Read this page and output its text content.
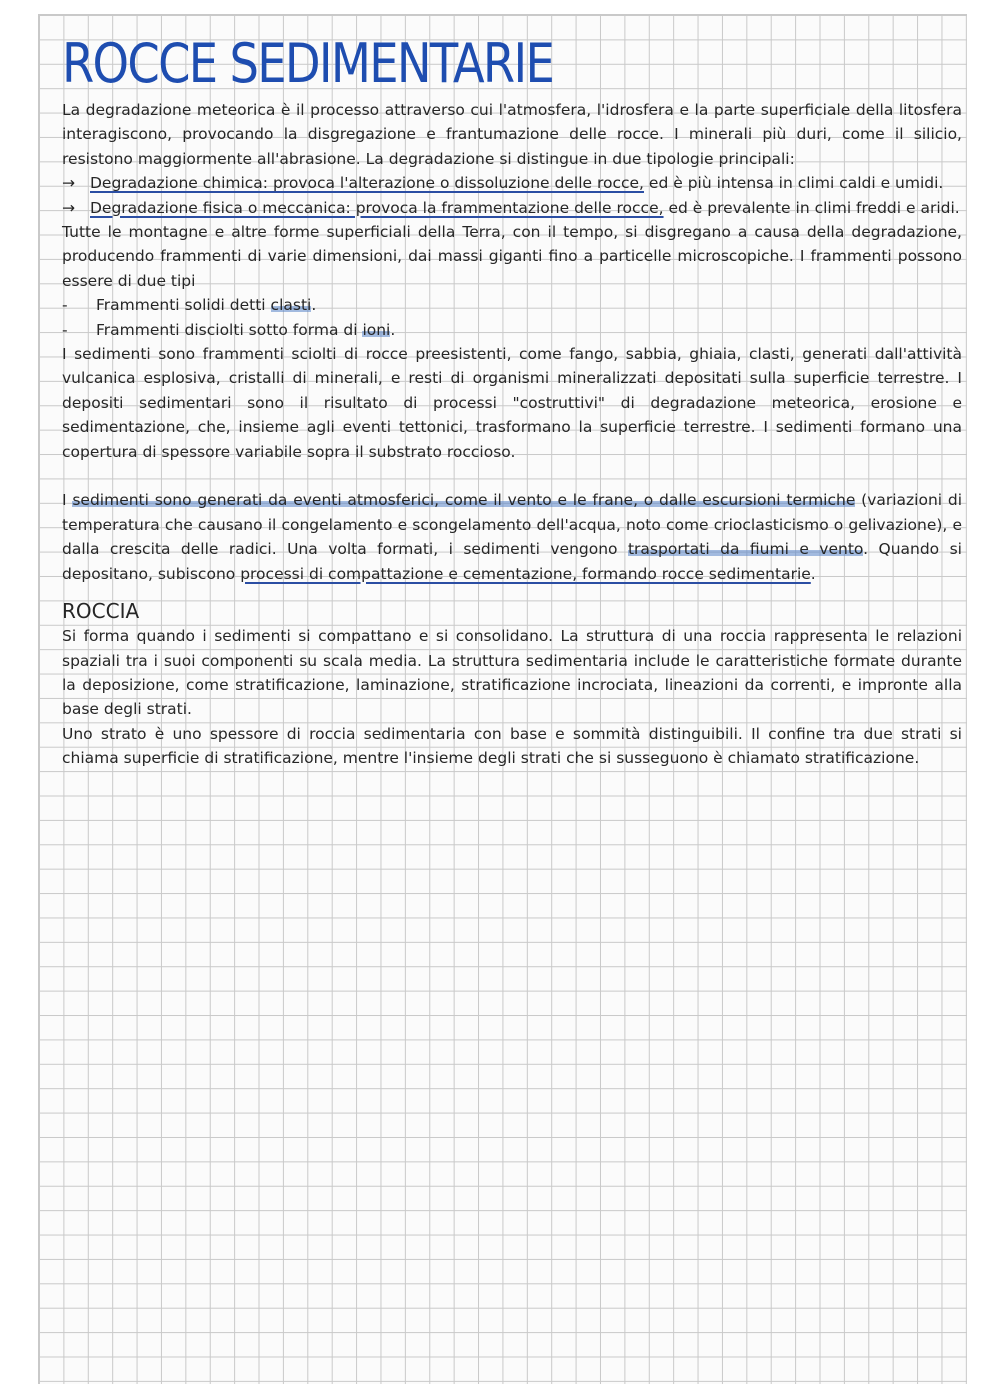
ROCCE SEDIMENTARIE

La degradazione meteorica è il processo attraverso cui l'atmosfera, l'idrosfera e la parte superficiale della litosfera interagiscono, provocando la disgregazione e frantumazione delle rocce. I minerali più duri, come il silicio, resistono maggiormente all'abrasione. La degradazione si distingue in due tipologie principali:

→ Degradazione chimica: provoca l'alterazione o dissoluzione delle rocce, ed è più intensa in climi caldi e umidi.
→ Degradazione fisica o meccanica: provoca la frammentazione delle rocce, ed è prevalente in climi freddi e aridi.

Tutte le montagne e altre forme superficiali della Terra, con il tempo, si disgregano a causa della degradazione, producendo frammenti di varie dimensioni, dai massi giganti fino a particelle microscopiche. I frammenti possono essere di due tipi

-	Frammenti solidi detti clasti.
-	Frammenti disciolti sotto forma di ioni.

I sedimenti sono frammenti sciolti di rocce preesistenti, come fango, sabbia, ghiaia, clasti, generati dall'attività vulcanica esplosiva, cristalli di minerali, e resti di organismi mineralizzati depositati sulla superficie terrestre. I depositi sedimentari sono il risultato di processi "costruttivi" di degradazione meteorica, erosione e sedimentazione, che, insieme agli eventi tettonici, trasformano la superficie terrestre. I sedimenti formano una copertura di spessore variabile sopra il substrato roccioso.

I sedimenti sono generati da eventi atmosferici, come il vento e le frane, o dalle escursioni termiche (variazioni di temperatura che causano il congelamento e scongelamento dell'acqua, noto come crioclasticismo o gelivazione), e dalla crescita delle radici. Una volta formati, i sedimenti vengono trasportati da fiumi e vento. Quando si depositano, subiscono processi di compattazione e cementazione, formando rocce sedimentarie.

ROCCIA

Si forma quando i sedimenti si compattano e si consolidano. La struttura di una roccia rappresenta le relazioni spaziali tra i suoi componenti su scala media. La struttura sedimentaria include le caratteristiche formate durante la deposizione, come stratificazione, laminazione, stratificazione incrociata, lineazioni da correnti, e impronte alla base degli strati.

Uno strato è uno spessore di roccia sedimentaria con base e sommità distinguibili. Il confine tra due strati si chiama superficie di stratificazione, mentre l'insieme degli strati che si susseguono è chiamato stratificazione.
